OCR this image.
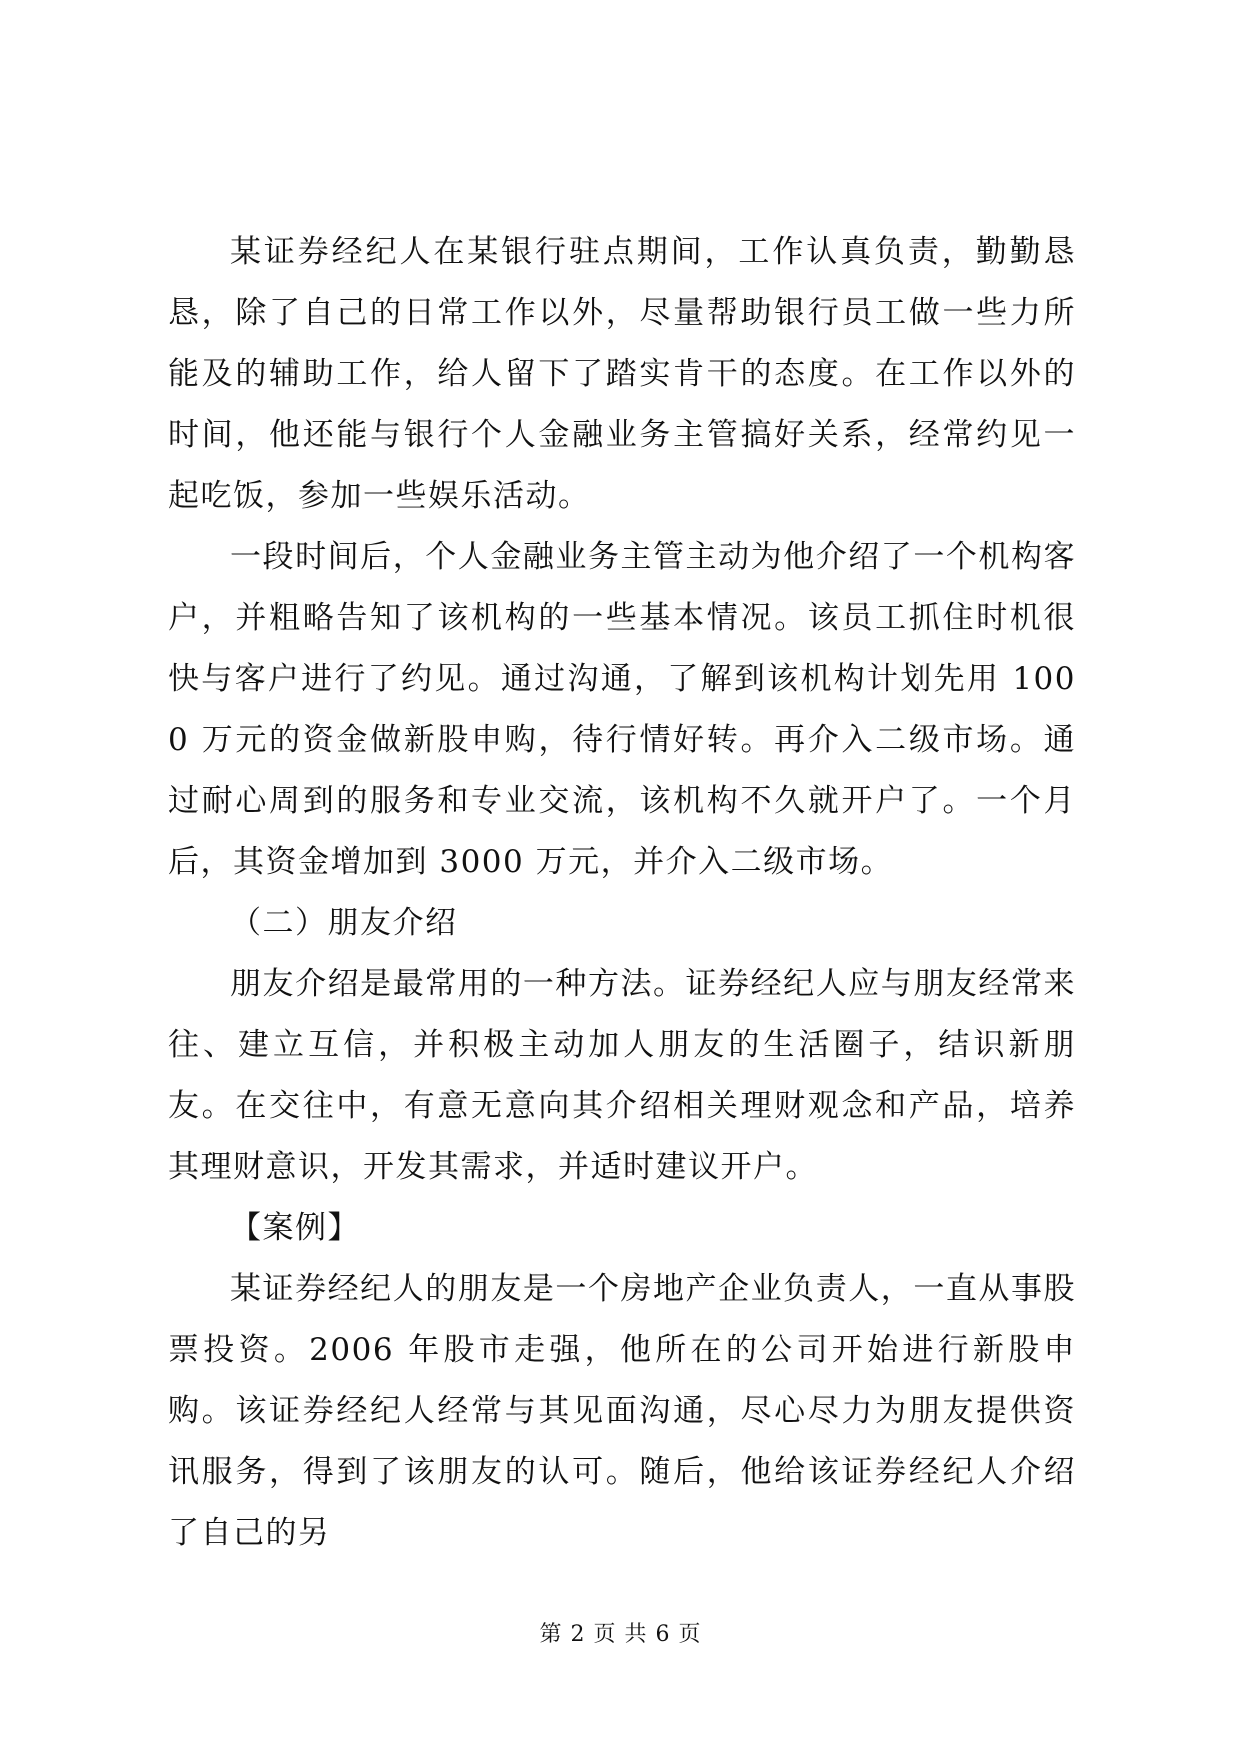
某证券经纪人在某银行驻点期间，工作认真负责，勤勤恳恳，除了自己的日常工作以外，尽量帮助银行员工做一些力所能及的辅助工作，给人留下了踏实肯干的态度。在工作以外的时间，他还能与银行个人金融业务主管搞好关系，经常约见一起吃饭，参加一些娱乐活动。

一段时间后，个人金融业务主管主动为他介绍了一个机构客户，并粗略告知了该机构的一些基本情况。该员工抓住时机很快与客户进行了约见。通过沟通，了解到该机构计划先用 1000 万元的资金做新股申购，待行情好转。再介入二级市场。通过耐心周到的服务和专业交流，该机构不久就开户了。一个月后，其资金增加到 3000 万元，并介入二级市场。

（二）朋友介绍

朋友介绍是最常用的一种方法。证券经纪人应与朋友经常来往、建立互信，并积极主动加人朋友的生活圈子，结识新朋友。在交往中，有意无意向其介绍相关理财观念和产品，培养其理财意识，开发其需求，并适时建议开户。

【案例】

某证券经纪人的朋友是一个房地产企业负责人，一直从事股票投资。2006 年股市走强，他所在的公司开始进行新股申购。该证券经纪人经常与其见面沟通，尽心尽力为朋友提供资讯服务，得到了该朋友的认可。随后，他给该证券经纪人介绍了自己的另

第 2 页 共 6 页
